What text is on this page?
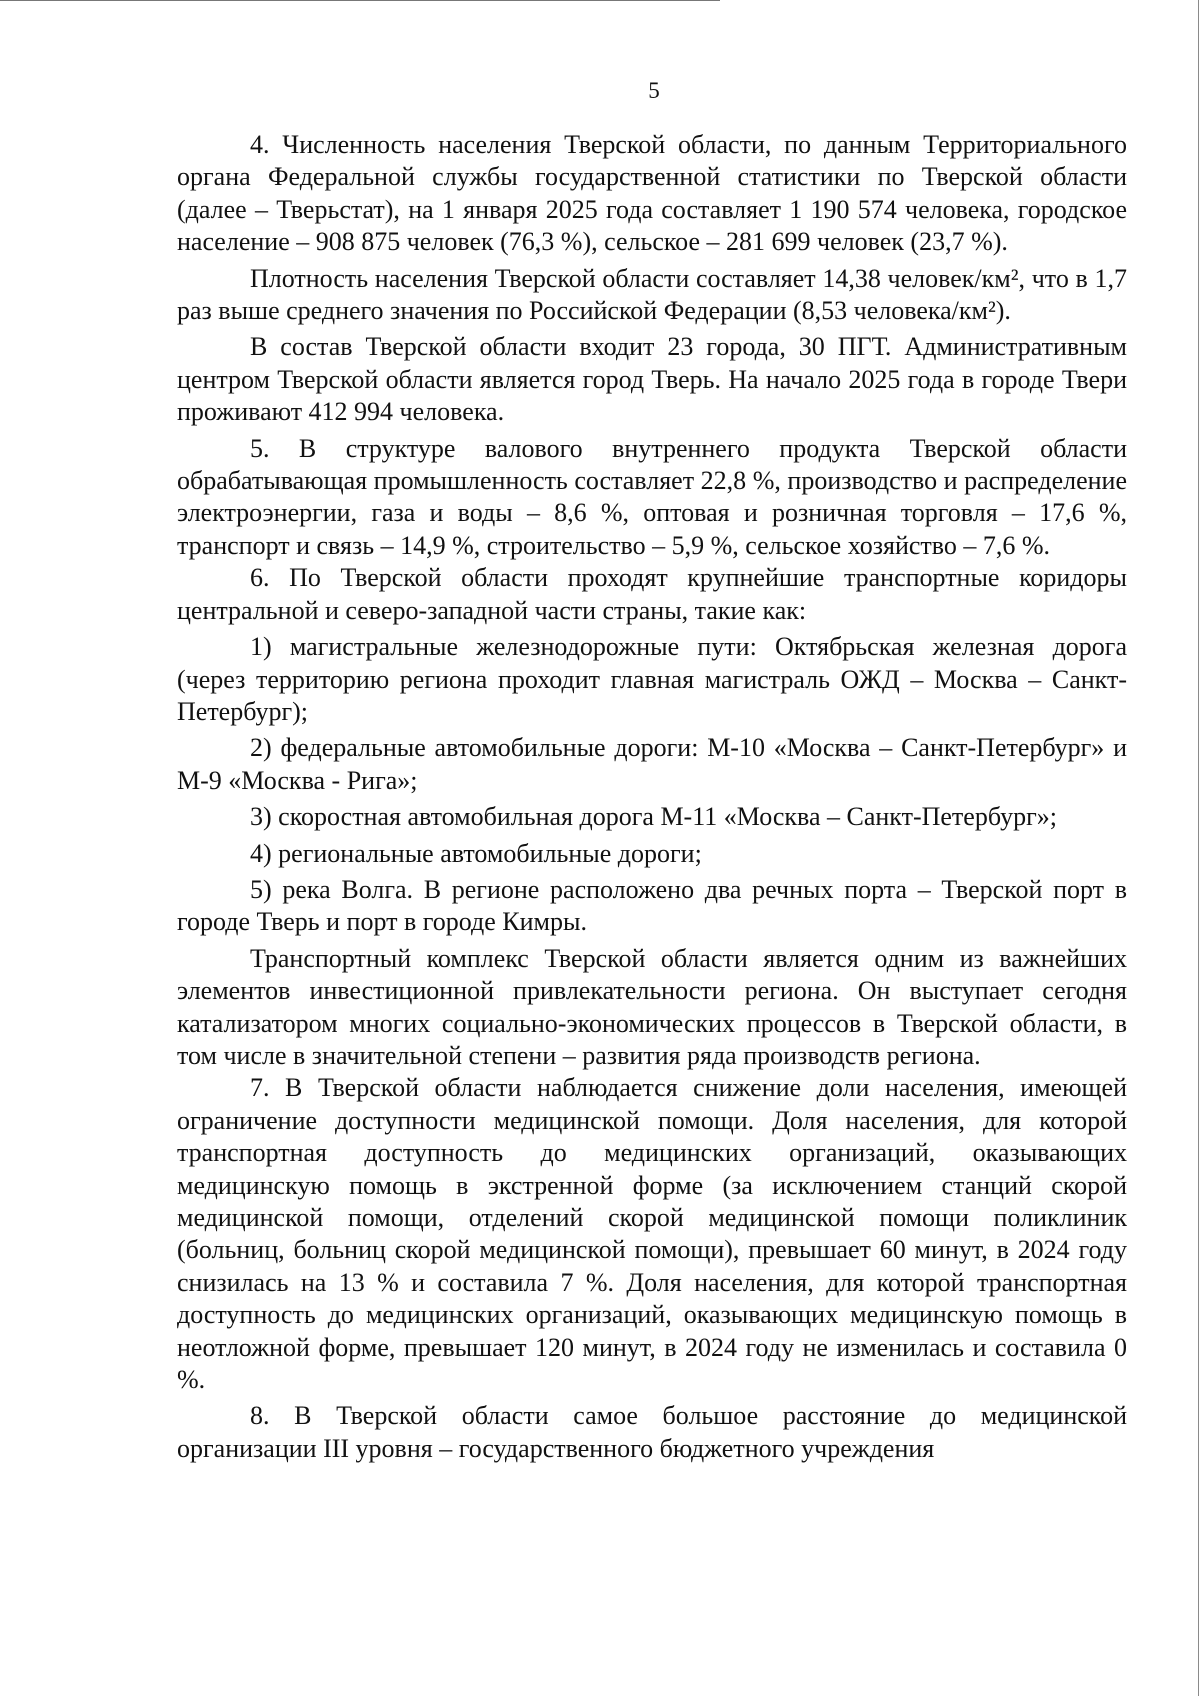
5

4. Численность населения Тверской области, по данным Территориального органа Федеральной службы государственной статистики по Тверской области (далее – Тверьстат), на 1 января 2025 года составляет 1 190 574 человека, городское население – 908 875 человек (76,3 %), сельское – 281 699 человек (23,7 %).

Плотность населения Тверской области составляет 14,38 человек/км², что в 1,7 раз выше среднего значения по Российской Федерации (8,53 человека/км²).

В состав Тверской области входит 23 города, 30 ПГТ. Административным центром Тверской области является город Тверь. На начало 2025 года в городе Твери проживают 412 994 человека.

5. В структуре валового внутреннего продукта Тверской области обрабатывающая промышленность составляет 22,8 %, производство и распределение электроэнергии, газа и воды – 8,6 %, оптовая и розничная торговля – 17,6 %, транспорт и связь – 14,9 %, строительство – 5,9 %, сельское хозяйство – 7,6 %.

6. По Тверской области проходят крупнейшие транспортные коридоры центральной и северо-западной части страны, такие как:

1) магистральные железнодорожные пути: Октябрьская железная дорога (через территорию региона проходит главная магистраль ОЖД – Москва – Санкт-Петербург);

2) федеральные автомобильные дороги: М-10 «Москва – Санкт-Петербург» и М-9 «Москва - Рига»;

3) скоростная автомобильная дорога М-11 «Москва – Санкт-Петербург»;

4) региональные автомобильные дороги;

5) река Волга. В регионе расположено два речных порта – Тверской порт в городе Тверь и порт в городе Кимры.

Транспортный комплекс Тверской области является одним из важнейших элементов инвестиционной привлекательности региона. Он выступает сегодня катализатором многих социально-экономических процессов в Тверской области, в том числе в значительной степени – развития ряда производств региона.

7. В Тверской области наблюдается снижение доли населения, имеющей ограничение доступности медицинской помощи. Доля населения, для которой транспортная доступность до медицинских организаций, оказывающих медицинскую помощь в экстренной форме (за исключением станций скорой медицинской помощи, отделений скорой медицинской помощи поликлиник (больниц, больниц скорой медицинской помощи), превышает 60 минут, в 2024 году снизилась на 13 % и составила 7 %. Доля населения, для которой транспортная доступность до медицинских организаций, оказывающих медицинскую помощь в неотложной форме, превышает 120 минут, в 2024 году не изменилась и составила 0 %.

8. В Тверской области самое большое расстояние до медицинской организации III уровня – государственного бюджетного учреждения
